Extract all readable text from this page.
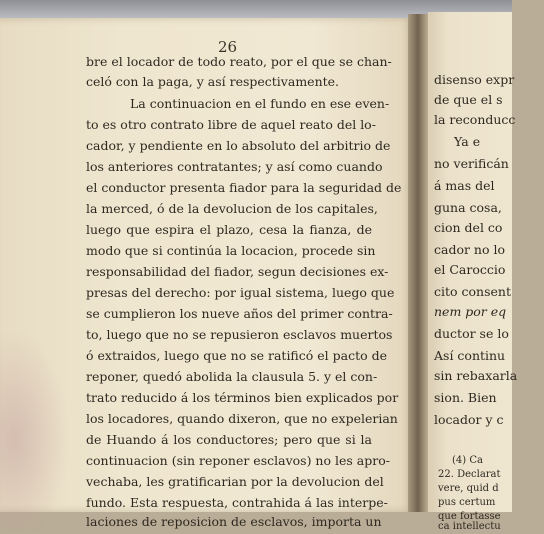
26
bre el locador de todo reato, por el que se chan-
celó con la paga, y así respectivamente.
La continuacion en el fundo en ese even-
to es otro contrato libre de aquel reato del lo-
cador, y pendiente en lo absoluto del arbitrio de
los anteriores contratantes; y así como cuando
el conductor presenta fiador para la seguridad de
la merced, ó de la devolucion de los capitales,
luego que espira el plazo, cesa la fianza, de
modo que si continúa la locacion, procede sin
responsabilidad del fiador, segun decisiones ex-
presas del derecho: por igual sistema, luego que
se cumplieron los nueve años del primer contra-
to, luego que no se repusieron esclavos muertos
ó extraidos, luego que no se ratificó el pacto de
reponer, quedó abolida la clausula 5. y el con-
trato reducido á los términos bien explicados por
los locadores, quando dixeron, que no expelerian
de Huando á los conductores; pero que si la
continuacion (sin reponer esclavos) no les apro-
vechaba, les gratificarian por la devolucion del
fundo. Esta respuesta, contrahida á las interpe-
laciones de reposicion de esclavos, importa un
disenso expr
de que el s
la reconducc
Ya e
no verificán
á mas del
guna cosa,
cion del co
cador no lo
el Caroccio
cito consent
nem por eq
ductor se lo
Así continu
sin rebaxarla
sion. Bien
locador y c
(4) Ca
22. Declarat
vere, quid d
pus certum
que fortasse
ca intellectu
